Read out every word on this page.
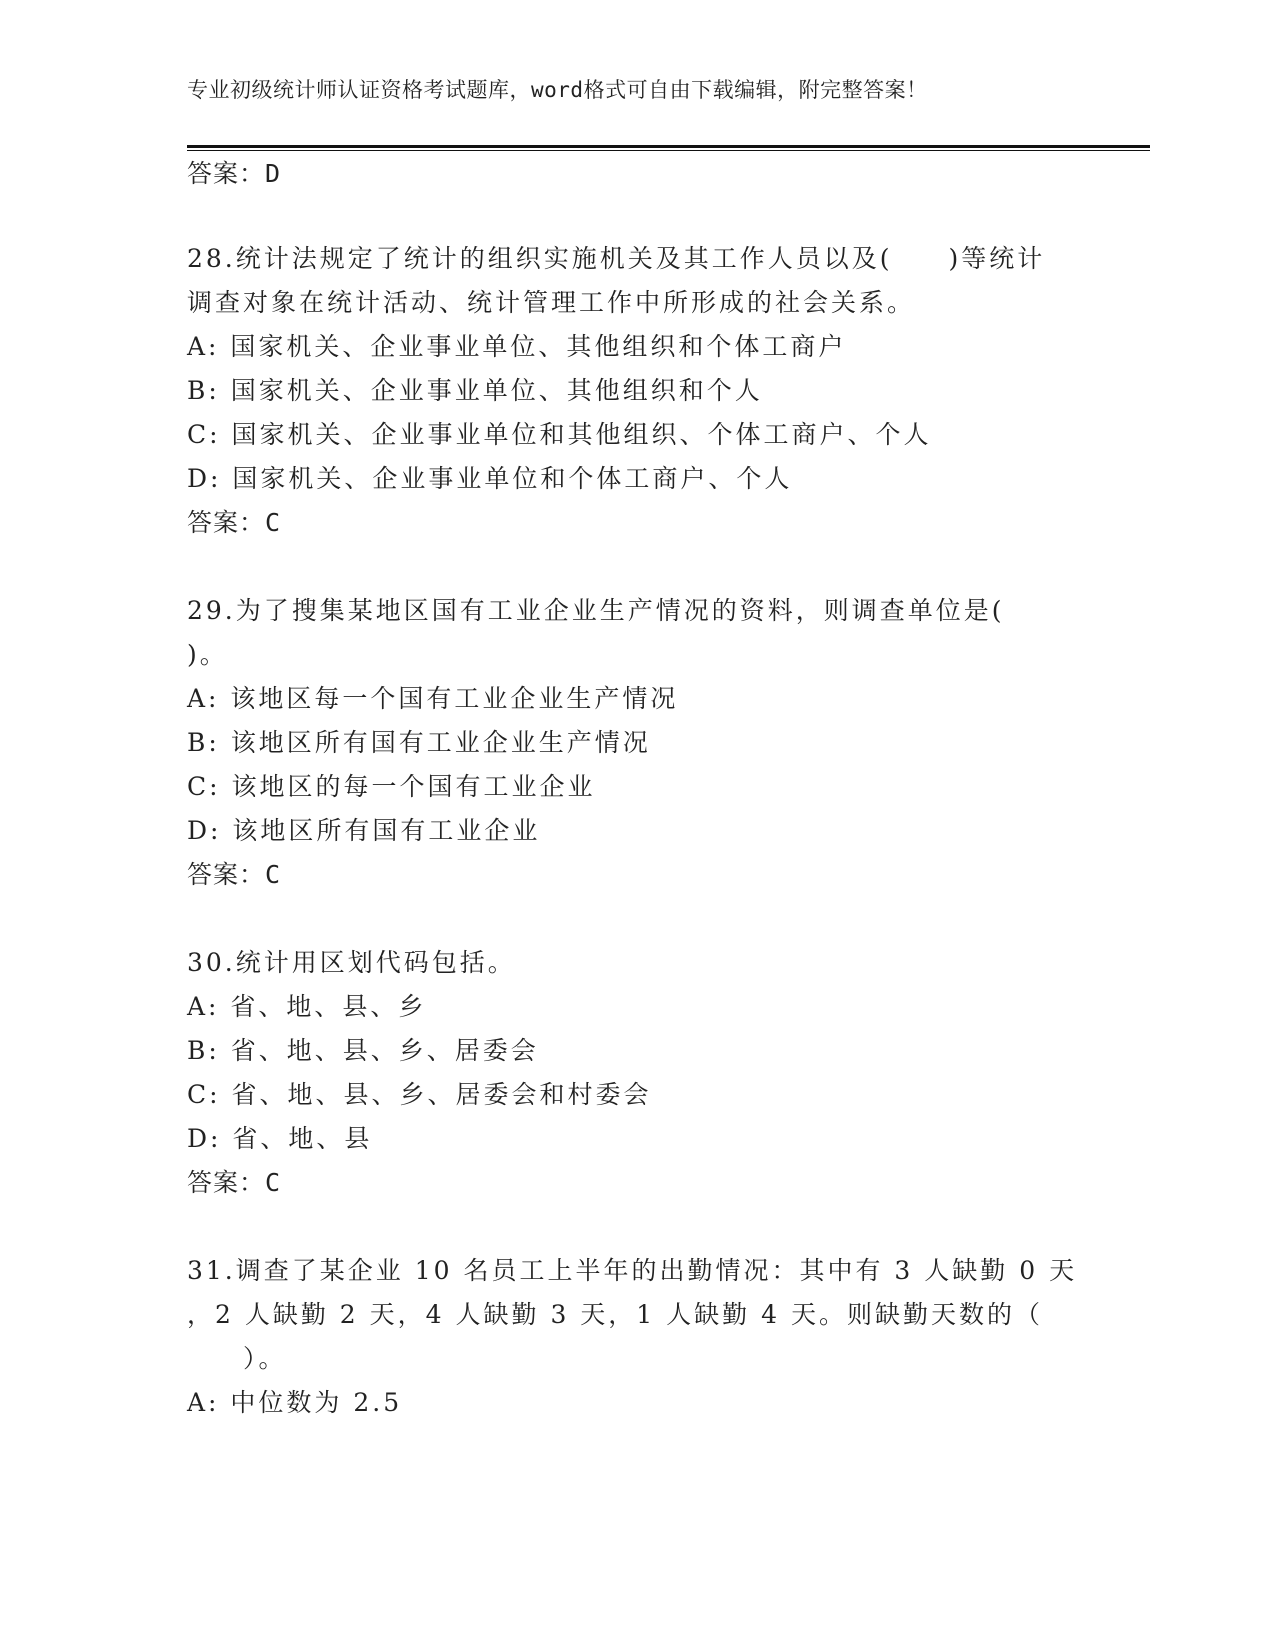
专业初级统计师认证资格考试题库，word格式可自由下载编辑，附完整答案！
答案：D
28.统计法规定了统计的组织实施机关及其工作人员以及(　　)等统计
调查对象在统计活动、统计管理工作中所形成的社会关系。
A: 国家机关、企业事业单位、其他组织和个体工商户
B: 国家机关、企业事业单位、其他组织和个人
C: 国家机关、企业事业单位和其他组织、个体工商户、个人
D: 国家机关、企业事业单位和个体工商户、个人
答案：C
29.为了搜集某地区国有工业企业生产情况的资料，则调查单位是(
)。
A: 该地区每一个国有工业企业生产情况
B: 该地区所有国有工业企业生产情况
C: 该地区的每一个国有工业企业
D: 该地区所有国有工业企业
答案：C
30.统计用区划代码包括。
A: 省、地、县、乡
B: 省、地、县、乡、居委会
C: 省、地、县、乡、居委会和村委会
D: 省、地、县
答案：C
31.调查了某企业 10 名员工上半年的出勤情况：其中有 3 人缺勤 0 天
，2 人缺勤 2 天，4 人缺勤 3 天，1 人缺勤 4 天。则缺勤天数的（
　　）。
A: 中位数为 2.5
